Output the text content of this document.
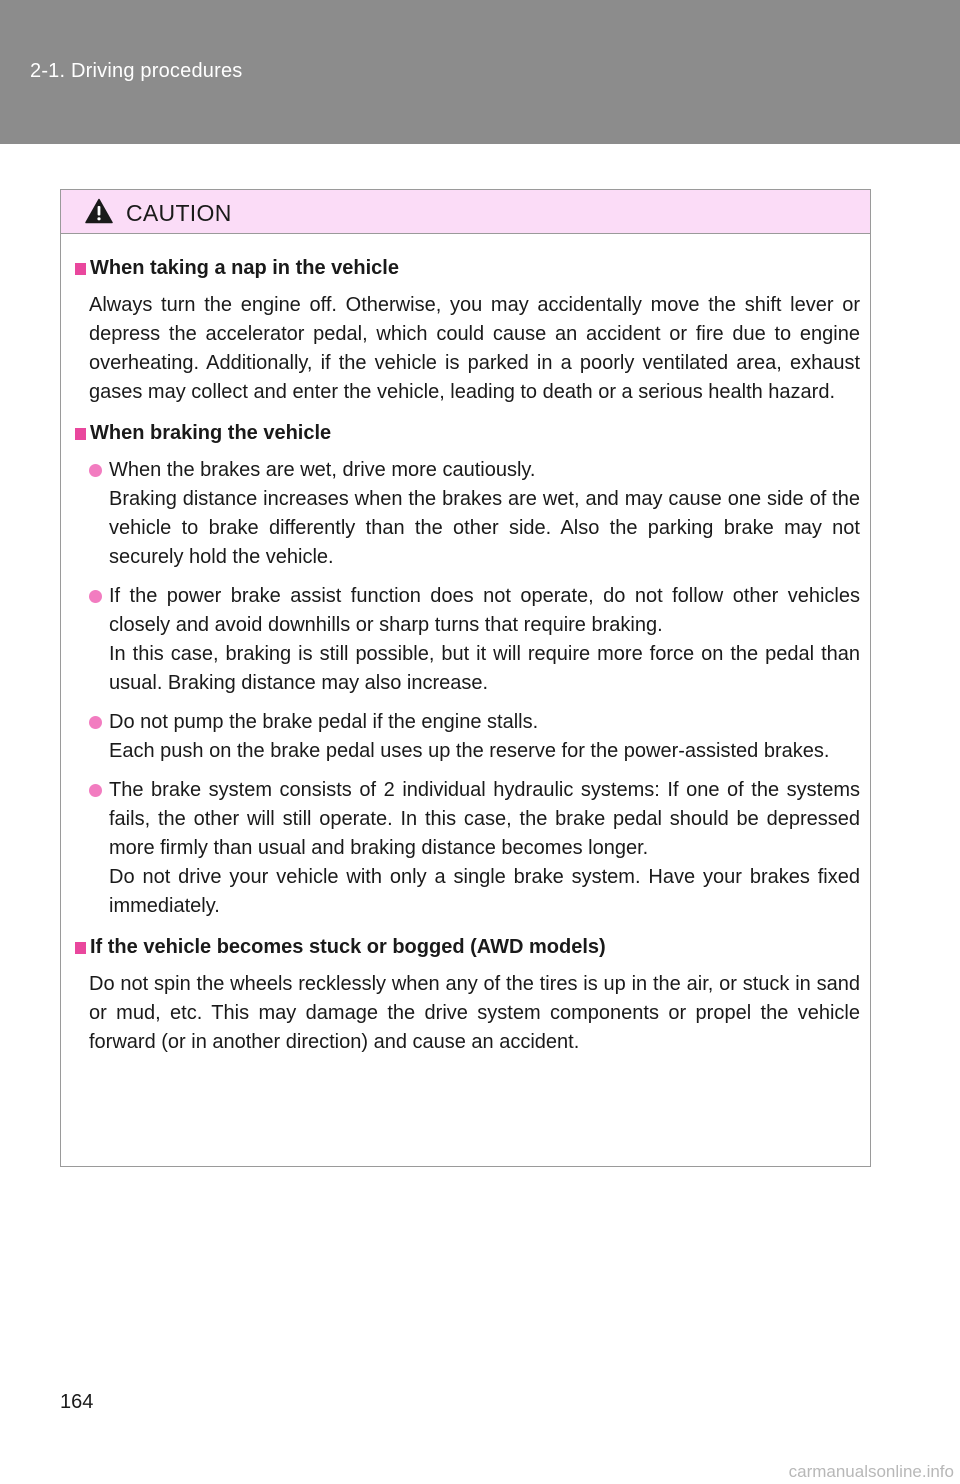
2-1. Driving procedures
CAUTION
When taking a nap in the vehicle

Always turn the engine off. Otherwise, you may accidentally move the shift lever or depress the accelerator pedal, which could cause an accident or fire due to engine overheating. Additionally, if the vehicle is parked in a poorly ventilated area, exhaust gases may collect and enter the vehicle, leading to death or a serious health hazard.

When braking the vehicle

When the brakes are wet, drive more cautiously.

Braking distance increases when the brakes are wet, and may cause one side of the vehicle to brake differently than the other side. Also the parking brake may not securely hold the vehicle.

If the power brake assist function does not operate, do not follow other vehicles closely and avoid downhills or sharp turns that require braking.

In this case, braking is still possible, but it will require more force on the pedal than usual. Braking distance may also increase.

Do not pump the brake pedal if the engine stalls.

Each push on the brake pedal uses up the reserve for the power-assisted brakes.

The brake system consists of 2 individual hydraulic systems: If one of the systems fails, the other will still operate. In this case, the brake pedal should be depressed more firmly than usual and braking distance becomes longer.

Do not drive your vehicle with only a single brake system. Have your brakes fixed immediately.

If the vehicle becomes stuck or bogged (AWD models)

Do not spin the wheels recklessly when any of the tires is up in the air, or stuck in sand or mud, etc. This may damage the drive system components or propel the vehicle forward (or in another direction) and cause an accident.

164
carmanualsonline.info
